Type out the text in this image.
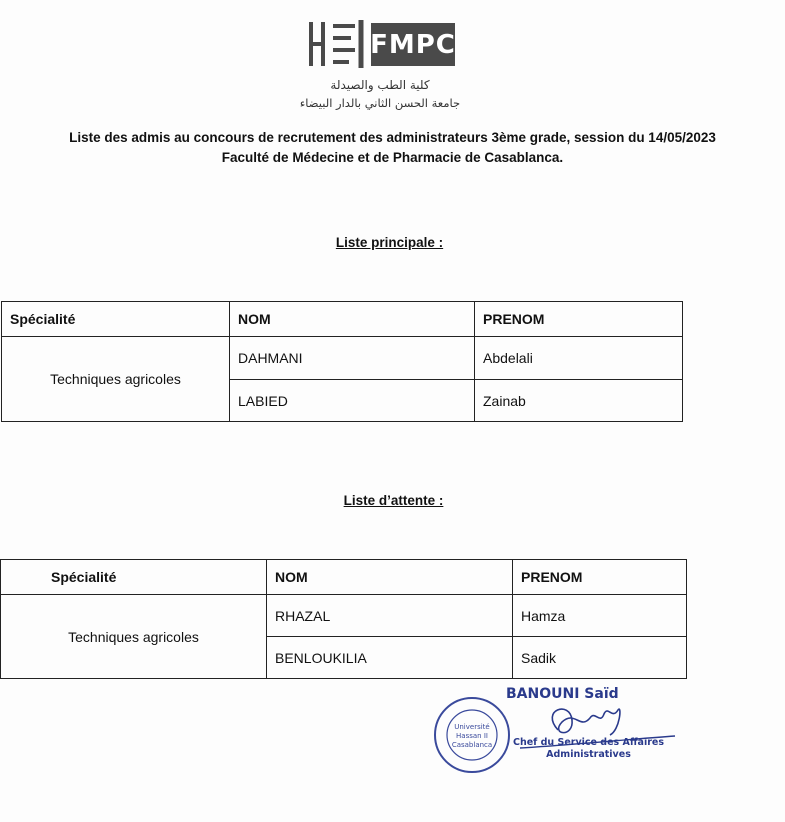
FMPC
كلية الطب والصيدلة
جامعة الحسن الثاني بالدار البيضاء
Liste des admis au concours de recrutement des administrateurs 3ème grade, session du 14/05/2023
Faculté de Médecine et de Pharmacie de Casablanca.
Liste principale :
Spécialité	NOM	PRENOM
Techniques agricoles	DAHMANI	Abdelali
	LABIED	Zainab
Liste d’attente :
Spécialité	NOM	PRENOM
Techniques agricoles	RHAZAL	Hamza
	BENLOUKILIA	Sadik
Université
Hassan II
Casablanca
BANOUNI Saïd
Chef du Service des Affaires
Administratives
